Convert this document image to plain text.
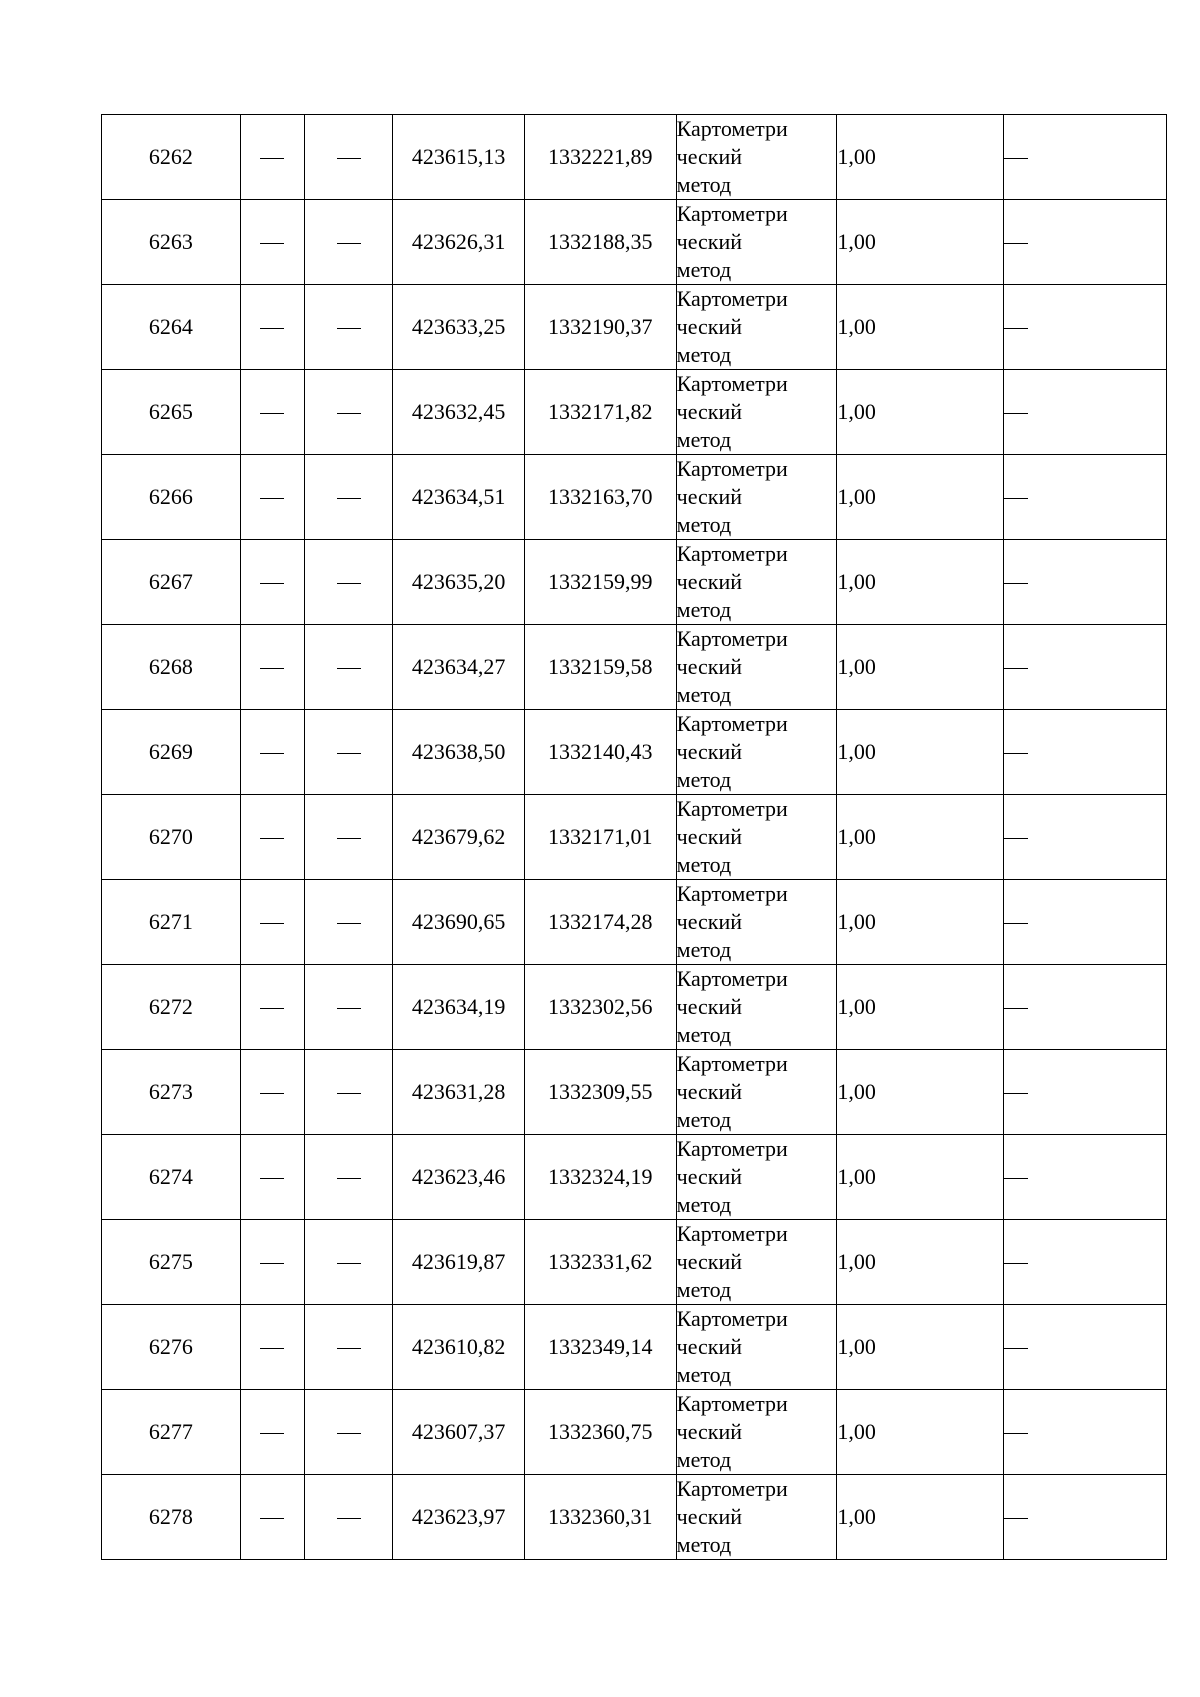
6262			423615,13	1332221,89	Картометри
ческий
метод	1,00	
6263			423626,31	1332188,35	Картометри
ческий
метод	1,00	
6264			423633,25	1332190,37	Картометри
ческий
метод	1,00	
6265			423632,45	1332171,82	Картометри
ческий
метод	1,00	
6266			423634,51	1332163,70	Картометри
ческий
метод	1,00	
6267			423635,20	1332159,99	Картометри
ческий
метод	1,00	
6268			423634,27	1332159,58	Картометри
ческий
метод	1,00	
6269			423638,50	1332140,43	Картометри
ческий
метод	1,00	
6270			423679,62	1332171,01	Картометри
ческий
метод	1,00	
6271			423690,65	1332174,28	Картометри
ческий
метод	1,00	
6272			423634,19	1332302,56	Картометри
ческий
метод	1,00	
6273			423631,28	1332309,55	Картометри
ческий
метод	1,00	
6274			423623,46	1332324,19	Картометри
ческий
метод	1,00	
6275			423619,87	1332331,62	Картометри
ческий
метод	1,00	
6276			423610,82	1332349,14	Картометри
ческий
метод	1,00	
6277			423607,37	1332360,75	Картометри
ческий
метод	1,00	
6278			423623,97	1332360,31	Картометри
ческий
метод	1,00	
